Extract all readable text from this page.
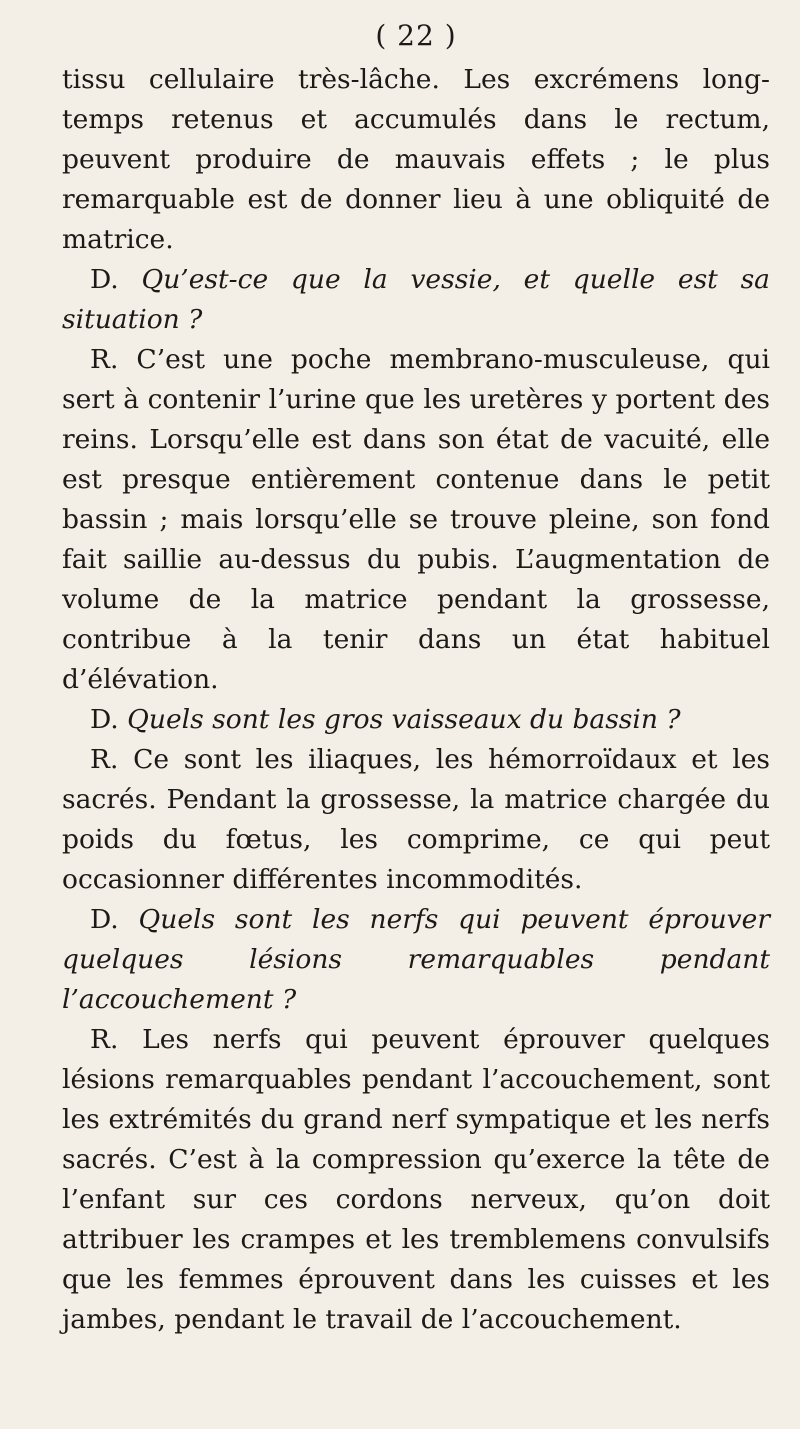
( 22 )

tissu cellulaire très-lâche. Les excrémens long-temps retenus et accumulés dans le rectum, peuvent produire de mauvais effets ; le plus remarquable est de donner lieu à une obliquité de matrice.

D. Qu’est-ce que la vessie, et quelle est sa situation ?

R. C’est une poche membrano-musculeuse, qui sert à contenir l’urine que les uretères y portent des reins. Lorsqu’elle est dans son état de vacuité, elle est presque entièrement contenue dans le petit bassin ; mais lorsqu’elle se trouve pleine, son fond fait saillie au-dessus du pubis. L’augmentation de volume de la matrice pendant la grossesse, contribue à la tenir dans un état habituel d’élévation.

D. Quels sont les gros vaisseaux du bassin ?

R. Ce sont les iliaques, les hémorroïdaux et les sacrés. Pendant la grossesse, la matrice chargée du poids du fœtus, les comprime, ce qui peut occasionner différentes incommodités.

D. Quels sont les nerfs qui peuvent éprouver quelques lésions remarquables pendant l’accouchement ?

R. Les nerfs qui peuvent éprouver quelques lésions remarquables pendant l’accouchement, sont les extrémités du grand nerf sympatique et les nerfs sacrés. C’est à la compression qu’exerce la tête de l’enfant sur ces cordons nerveux, qu’on doit attribuer les crampes et les tremblemens convulsifs que les femmes éprouvent dans les cuisses et les jambes, pendant le travail de l’accouchement.
